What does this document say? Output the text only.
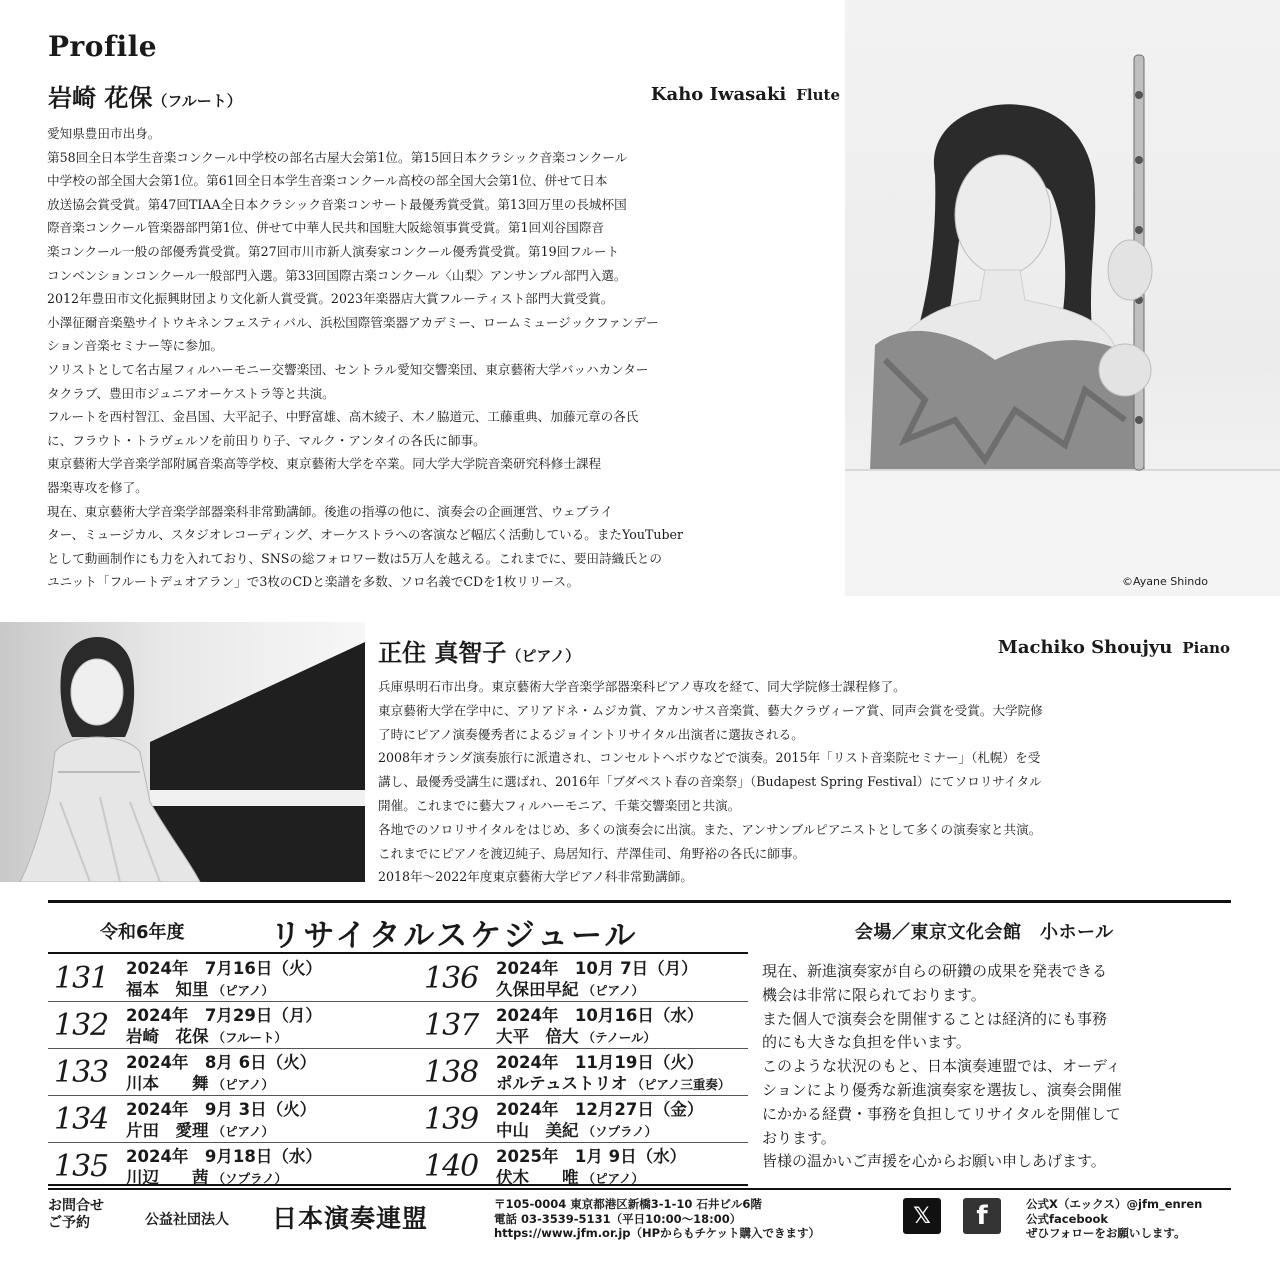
Profile
岩崎 花保（フルート）	Kaho Iwasaki Flute

愛知県豊田市出身。

第58回全日本学生音楽コンクール中学校の部名古屋大会第1位。第15回日本クラシック音楽コンクール

中学校の部全国大会第1位。第61回全日本学生音楽コンクール高校の部全国大会第1位、併せて日本

放送協会賞受賞。第47回TIAA全日本クラシック音楽コンサート最優秀賞受賞。第13回万里の長城杯国

際音楽コンクール管楽器部門第1位、併せて中華人民共和国駐大阪総領事賞受賞。第1回刈谷国際音

楽コンクール一般の部優秀賞受賞。第27回市川市新人演奏家コンクール優秀賞受賞。第19回フルート

コンベンションコンクール一般部門入選。第33回国際古楽コンクール〈山梨〉アンサンブル部門入選。

2012年豊田市文化振興財団より文化新人賞受賞。2023年楽器店大賞フルーティスト部門大賞受賞。

小澤征爾音楽塾サイトウキネンフェスティバル、浜松国際管楽器アカデミー、ロームミュージックファンデー

ション音楽セミナー等に参加。

ソリストとして名古屋フィルハーモニー交響楽団、セントラル愛知交響楽団、東京藝術大学バッハカンター

タクラブ、豊田市ジュニアオーケストラ等と共演。

フルートを西村智江、金昌国、大平記子、中野富雄、高木綾子、木ノ脇道元、工藤重典、加藤元章の各氏

に、フラウト・トラヴェルソを前田りり子、マルク・アンタイの各氏に師事。

東京藝術大学音楽学部附属音楽高等学校、東京藝術大学を卒業。同大学大学院音楽研究科修士課程

器楽専攻を修了。

現在、東京藝術大学音楽学部器楽科非常勤講師。後進の指導の他に、演奏会の企画運営、ウェブライ

ター、ミュージカル、スタジオレコーディング、オーケストラへの客演など幅広く活動している。またYouTuber

として動画制作にも力を入れており、SNSの総フォロワー数は5万人を越える。これまでに、要田詩織氏との

ユニット「フルートデュオアラン」で3枚のCDと楽譜を多数、ソロ名義でCDを1枚リリース。	©Ayane Shindo
正住 真智子（ピアノ）	Machiko Shoujyu Piano

兵庫県明石市出身。東京藝術大学音楽学部器楽科ピアノ専攻を経て、同大学院修士課程修了。

東京藝術大学在学中に、アリアドネ・ムジカ賞、アカンサス音楽賞、藝大クラヴィーア賞、同声会賞を受賞。大学院修

了時にピアノ演奏優秀者によるジョイントリサイタル出演者に選抜される。

2008年オランダ演奏旅行に派遣され、コンセルトヘボウなどで演奏。2015年「リスト音楽院セミナー」（札幌）を受

講し、最優秀受講生に選ばれ、2016年「ブダペスト春の音楽祭」（Budapest Spring Festival）にてソロリサイタル

開催。これまでに藝大フィルハーモニア、千葉交響楽団と共演。

各地でのソロリサイタルをはじめ、多くの演奏会に出演。また、アンサンブルピアニストとして多くの演奏家と共演。

これまでにピアノを渡辺純子、鳥居知行、芹澤佳司、角野裕の各氏に師事。

2018年～2022年度東京藝術大学ピアノ科非常勤講師。

令和6年度	リサイタルスケジュール	会場／東京文化会館　小ホール
131 2024年　7月16日（火）
福本　知里 （ピアノ）
132 2024年　7月29日（月）
岩崎　花保 （フルート）
133 2024年　8月 6日（火）
川本　　舞 （ピアノ）
134 2024年　9月 3日（火）
片田　愛理 （ピアノ）
135 2024年　9月18日（水）
川辺　　茜 （ソプラノ）
136 2024年　10月 7日（月）
久保田早紀 （ピアノ）
137 2024年　10月16日（水）
大平　倍大 （テノール）
138 2024年　11月19日（火）
ポルテュストリオ （ピアノ三重奏）
139 2024年　12月27日（金）
中山　美紀 （ソプラノ）
140 2025年　1月 9日（水）
伏木　　唯 （ピアノ）

現在、新進演奏家が自らの研鑽の成果を発表できる

機会は非常に限られております。

また個人で演奏会を開催することは経済的にも事務

的にも大きな負担を伴います。

このような状況のもと、日本演奏連盟では、オーディ

ションにより優秀な新進演奏家を選抜し、演奏会開催

にかかる経費・事務を負担してリサイタルを開催して

おります。

皆様の温かいご声援を心からお願い申しあげます。

お問合せ
ご予約	公益社団法人 日本演奏連盟	〒105-0004 東京都港区新橋3-1-10 石井ビル6階

電話 03-3539-5131（平日10:00～18:00）

https://www.jfm.or.jp（HPからもチケット購入できます）

𝕏	f	公式X（エックス）@jfm_enren

公式facebook

ぜひフォローをお願いします。
